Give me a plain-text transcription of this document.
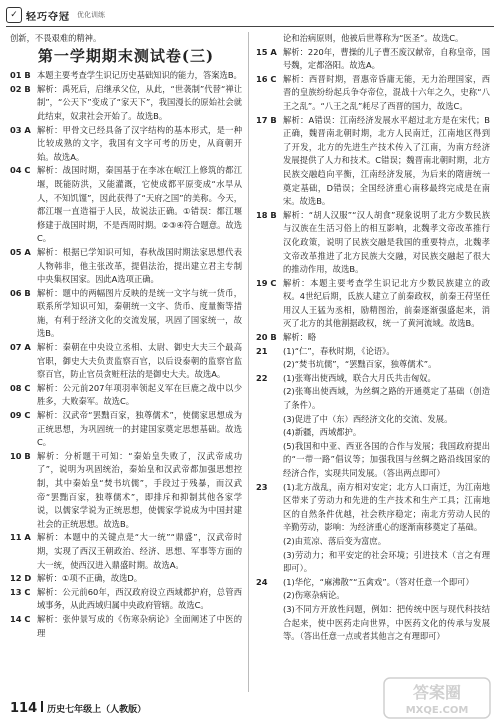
✓ 轻巧夺冠 优化训练
创新，不畏艰难的精神。
第一学期期末测试卷(三)
01 B 本题主要考查学生识记历史基础知识的能力，答案选B。
02 B 解析：禹死后，启继承父位，从此，“世袭制”代替“禅让制”，“公天下”变成了“家天下”，我国漫长的原始社会就此结束，奴隶社会开始了。故选B。
03 A 解析：甲骨文已经具备了汉字结构的基本形式，是一种比较成熟的文字，我国有文字可考的历史，从商朝开始。故选A。
04 C 解析：战国时期，秦国基于在李冰在岷江上修筑的都江堰，既能防洪，又能灌溉，它使成都平原变成“水旱从人，不知饥馑”，因此获得了“天府之国”的美称。今天，都江堰一直造福于人民，故说法正确。①错误：都江堰修建于战国时期，不是西周时期。②③④符合题意。故选C。
05 A 解析：根据已学知识可知，春秋战国时期法家思想代表人物韩非，他主张改革，提倡法治，提出建立君主专制中央集权国家。因此A选项正确。
06 B 解析：题中的两幅图片反映的是统一文字与统一货币，联系所学知识可知，秦朝统一文字、货币、度量衡等措施，有利于经济文化的交流发展，巩固了国家统一，故选B。
07 A 解析：秦朝在中央设立丞相、太尉、御史大夫三个最高官职，御史大夫负责监察百官，以后设泰朝的监察官监察百官，防止官员贪赃枉法的是御史大夫。故选A。
08 C 解析：公元前207年项羽率领起义军在巨鹿之战中以少胜多，大败秦军。故选C。
09 C 解析：汉武帝“罢黜百家，独尊儒术”，使儒家思想成为正统思想，为巩固统一的封建国家奠定思想基础。故选C。
10 B 解析：分析题干可知：“秦始皇失败了，汉武帝成功了”，说明为巩固统治，秦始皇和汉武帝都加强思想控制，其中秦始皇“焚书坑儒”，手段过于残暴，而汉武帝“罢黜百家，独尊儒术”，即排斥和抑制其他各家学说，以儒家学说为正统思想，使儒家学说成为中国封建社会的正统思想。故选B。
11 A 解析：本题中的关键点是“大一统”“鼎盛”，汉武帝时期，实现了西汉王朝政治、经济、思想、军事等方面的大一统，使西汉进入鼎盛时期。故选A。
12 D 解析：①项不正确，故选D。
13 C 解析：公元前60年，西汉政府设立西域都护府，总管西域事务，从此西域归属中央政府管辖。故选C。
14 C 解析：张仲景写成的《伤寒杂病论》全面阐述了中医的理
论和治病原则，他被后世尊称为“医圣”。故选C。
15 A 解析：220年，曹操的儿子曹丕废汉献帝，自称皇帝，国号魏，定都洛阳。故选A。
16 C 解析：西晋时期，晋惠帝昏庸无能，无力治理国家，西晋的皇族纷纷起兵争夺帝位，混战十六年之久，史称“八王之乱”。“八王之乱”耗尽了西晋的国力，故选C。
17 B 解析：A错误：江南经济发展水平超过北方是在宋代；B正确，魏晋南北朝时期，北方人民南迁，江南地区得到了开发，北方的先进生产技术传入了江南，为南方经济发展提供了人力和技术。C错误；魏晋南北朝时期，北方民族交融趋向平衡，江南经济发展，为后来的隋唐统一奠定基础，D错误；全国经济重心南移最终完成是在南宋。故选B。
18 B 解析：“胡人汉服”“汉人胡食”现象说明了北方少数民族与汉族在生活习俗上的相互影响，北魏孝文帝改革推行汉化政策，说明了民族交融是我国的重要特点，北魏孝文帝改革推进了北方民族大交融，对民族交融起了很大的推动作用，故选B。
19 C 解析：本题主要考查学生识记北方少数民族建立的政权。4世纪后期，氐族人建立了前秦政权，前秦王苻坚任用汉人王猛为丞相，励精图治，前秦逐渐强盛起来，消灭了北方的其他割据政权，统一了黄河流域。故选B。
20 B 解析：略
21	(1)“仁”，春秋时期，《论语》。
(2)“焚书坑儒”，“罢黜百家，独尊儒术”。
22	(1)张骞出使西域，联合大月氏共击匈奴。
(2)张骞出使西域，为丝绸之路的开通奠定了基础（创造了条件）。
(3)促进了中（东）西经济文化的交流、发展。
(4)新疆，西域都护。
(5)我国和中亚、西亚各国的合作与发展；我国政府提出的“一带一路”倡议等；加强我国与丝绸之路沿线国家的经济合作，实现共同发展。（答出两点即可）
23	(1)北方战乱，南方相对安定；北方人口南迁，为江南地区带来了劳动力和先进的生产技术和生产工具；江南地区的自然条件优越，社会秩序稳定；南北方劳动人民的辛勤劳动，影响：为经济重心的逐渐南移奠定了基础。
(2)由荒凉、落后变为富庶。
(3)劳动力；和平安定的社会环境；引进技术（言之有理即可）。
24	(1)华佗，“麻沸散”“五禽戏”。（答对任意一个即可）
(2)伤寒杂病论。
(3)不同方开放性问题，例如：把传统中医与现代科技结合起来，使中医药走向世界，中医药文化的传承与发展等。（答出任意一点或者其他言之有理即可）
114 历史七年级上（人教版）
答案圈
MXQE.COM
